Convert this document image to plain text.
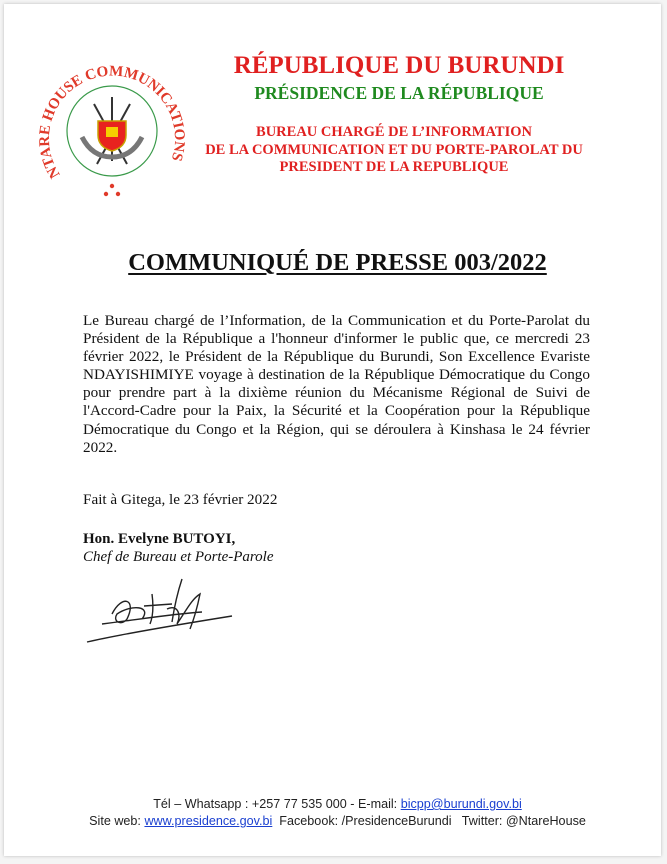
NTARE HOUSE COMMUNICATIONS
RÉPUBLIQUE DU BURUNDI
PRÉSIDENCE DE LA RÉPUBLIQUE
BUREAU CHARGÉ DE L’INFORMATION
DE LA COMMUNICATION ET DU PORTE-PAROLAT DU
PRESIDENT DE LA REPUBLIQUE
COMMUNIQUÉ DE PRESSE 003/2022
Le Bureau chargé de l’Information, de la Communication et du Porte-Parolat du Président de la République a l'honneur d'informer le public que, ce mercredi 23 février 2022, le Président de la République du Burundi, Son Excellence Evariste NDAYISHIMIYE voyage à destination de la République Démocratique du Congo pour prendre part à la dixième réunion du Mécanisme Régional de Suivi de l'Accord-Cadre pour la Paix, la Sécurité et la Coopération pour la République Démocratique du Congo et la Région, qui se déroulera à Kinshasa le 24 février 2022.
Fait à Gitega, le 23 février 2022
Hon. Evelyne BUTOYI,
Chef de Bureau et Porte-Parole
Tél – Whatsapp : +257 77 535 000 - E-mail: bicpp@burundi.gov.bi
Site web: www.presidence.gov.bi  Facebook: /PresidenceBurundi   Twitter: @NtareHouse
